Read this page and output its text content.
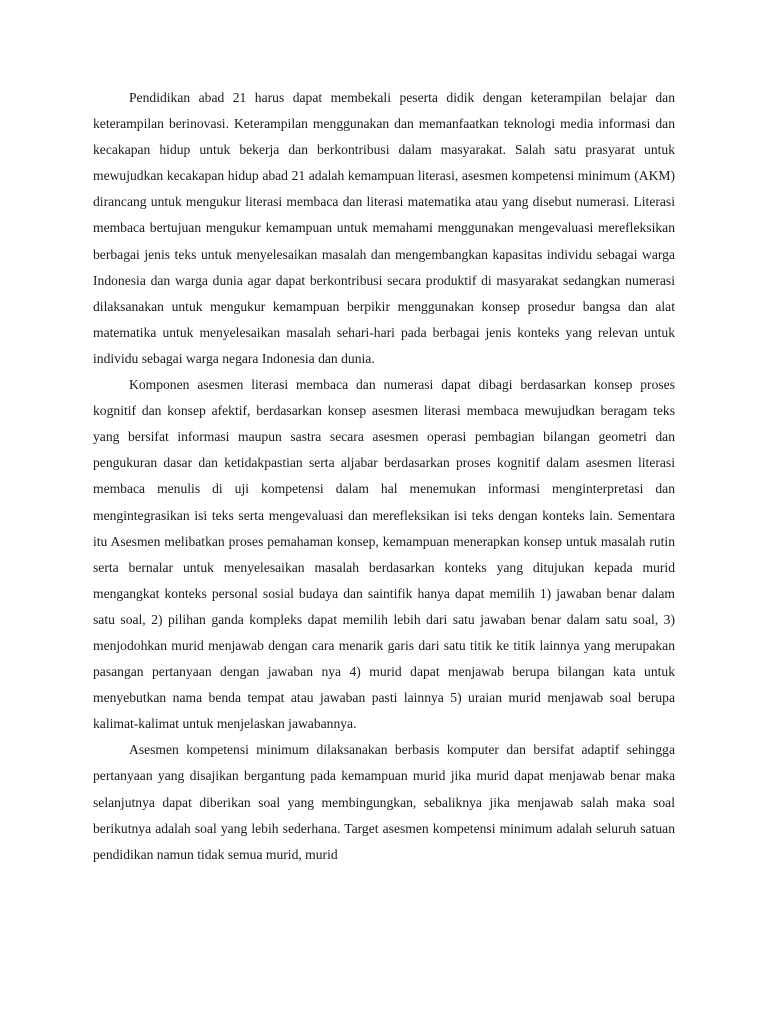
Pendidikan abad 21 harus dapat membekali peserta didik dengan keterampilan belajar dan keterampilan berinovasi. Keterampilan menggunakan dan memanfaatkan teknologi media informasi dan kecakapan hidup untuk bekerja dan berkontribusi dalam masyarakat. Salah satu prasyarat untuk mewujudkan kecakapan hidup abad 21 adalah kemampuan literasi, asesmen kompetensi minimum (AKM) dirancang untuk mengukur literasi membaca dan literasi matematika atau yang disebut numerasi. Literasi membaca bertujuan mengukur kemampuan untuk memahami menggunakan mengevaluasi merefleksikan berbagai jenis teks untuk menyelesaikan masalah dan mengembangkan kapasitas individu sebagai warga Indonesia dan warga dunia agar dapat berkontribusi secara produktif di masyarakat sedangkan numerasi dilaksanakan untuk mengukur kemampuan berpikir menggunakan konsep prosedur bangsa dan alat matematika untuk menyelesaikan masalah sehari-hari pada berbagai jenis konteks yang relevan untuk individu sebagai warga negara Indonesia dan dunia.

Komponen asesmen literasi membaca dan numerasi dapat dibagi berdasarkan konsep proses kognitif dan konsep afektif, berdasarkan konsep asesmen literasi membaca mewujudkan beragam teks yang bersifat informasi maupun sastra secara asesmen operasi pembagian bilangan geometri dan pengukuran dasar dan ketidakpastian serta aljabar berdasarkan proses kognitif dalam asesmen literasi membaca menulis di uji kompetensi dalam hal menemukan informasi menginterpretasi dan mengintegrasikan isi teks serta mengevaluasi dan merefleksikan isi teks dengan konteks lain. Sementara itu Asesmen melibatkan proses pemahaman konsep, kemampuan menerapkan konsep untuk masalah rutin serta bernalar untuk menyelesaikan masalah berdasarkan konteks yang ditujukan kepada murid mengangkat konteks personal sosial budaya dan saintifik hanya dapat memilih 1) jawaban benar dalam satu soal, 2) pilihan ganda kompleks dapat memilih lebih dari satu jawaban benar dalam satu soal, 3) menjodohkan murid menjawab dengan cara menarik garis dari satu titik ke titik lainnya yang merupakan pasangan pertanyaan dengan jawaban nya 4) murid dapat menjawab berupa bilangan kata untuk menyebutkan nama benda tempat atau jawaban pasti lainnya 5) uraian murid menjawab soal berupa kalimat-kalimat untuk menjelaskan jawabannya.

Asesmen kompetensi minimum dilaksanakan berbasis komputer dan bersifat adaptif sehingga pertanyaan yang disajikan bergantung pada kemampuan murid jika murid dapat menjawab benar maka selanjutnya dapat diberikan soal yang membingungkan, sebaliknya jika menjawab salah maka soal berikutnya adalah soal yang lebih sederhana. Target asesmen kompetensi minimum adalah seluruh satuan pendidikan namun tidak semua murid, murid
